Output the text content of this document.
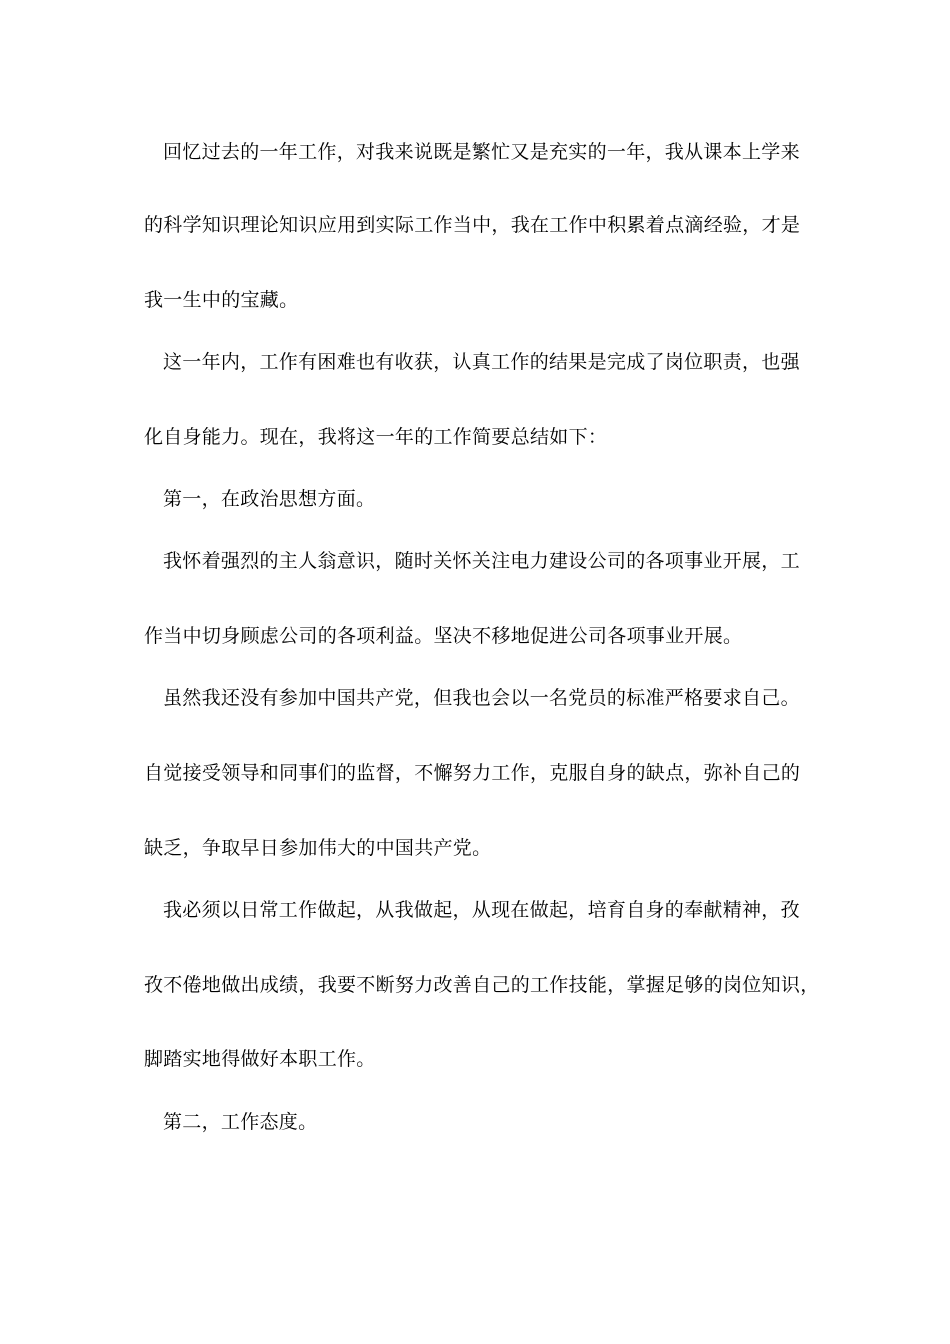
回忆过去的一年工作，对我来说既是繁忙又是充实的一年，我从课本上学来
的科学知识理论知识应用到实际工作当中，我在工作中积累着点滴经验，才是
我一生中的宝藏。
这一年内，工作有困难也有收获，认真工作的结果是完成了岗位职责，也强
化自身能力。现在，我将这一年的工作简要总结如下：
第一，在政治思想方面。
我怀着强烈的主人翁意识，随时关怀关注电力建设公司的各项事业开展，工
作当中切身顾虑公司的各项利益。坚决不移地促进公司各项事业开展。
虽然我还没有参加中国共产党，但我也会以一名党员的标准严格要求自己。
自觉接受领导和同事们的监督，不懈努力工作，克服自身的缺点，弥补自己的
缺乏，争取早日参加伟大的中国共产党。
我必须以日常工作做起，从我做起，从现在做起，培育自身的奉献精神，孜
孜不倦地做出成绩，我要不断努力改善自己的工作技能，掌握足够的岗位知识，
脚踏实地得做好本职工作。
第二，工作态度。
